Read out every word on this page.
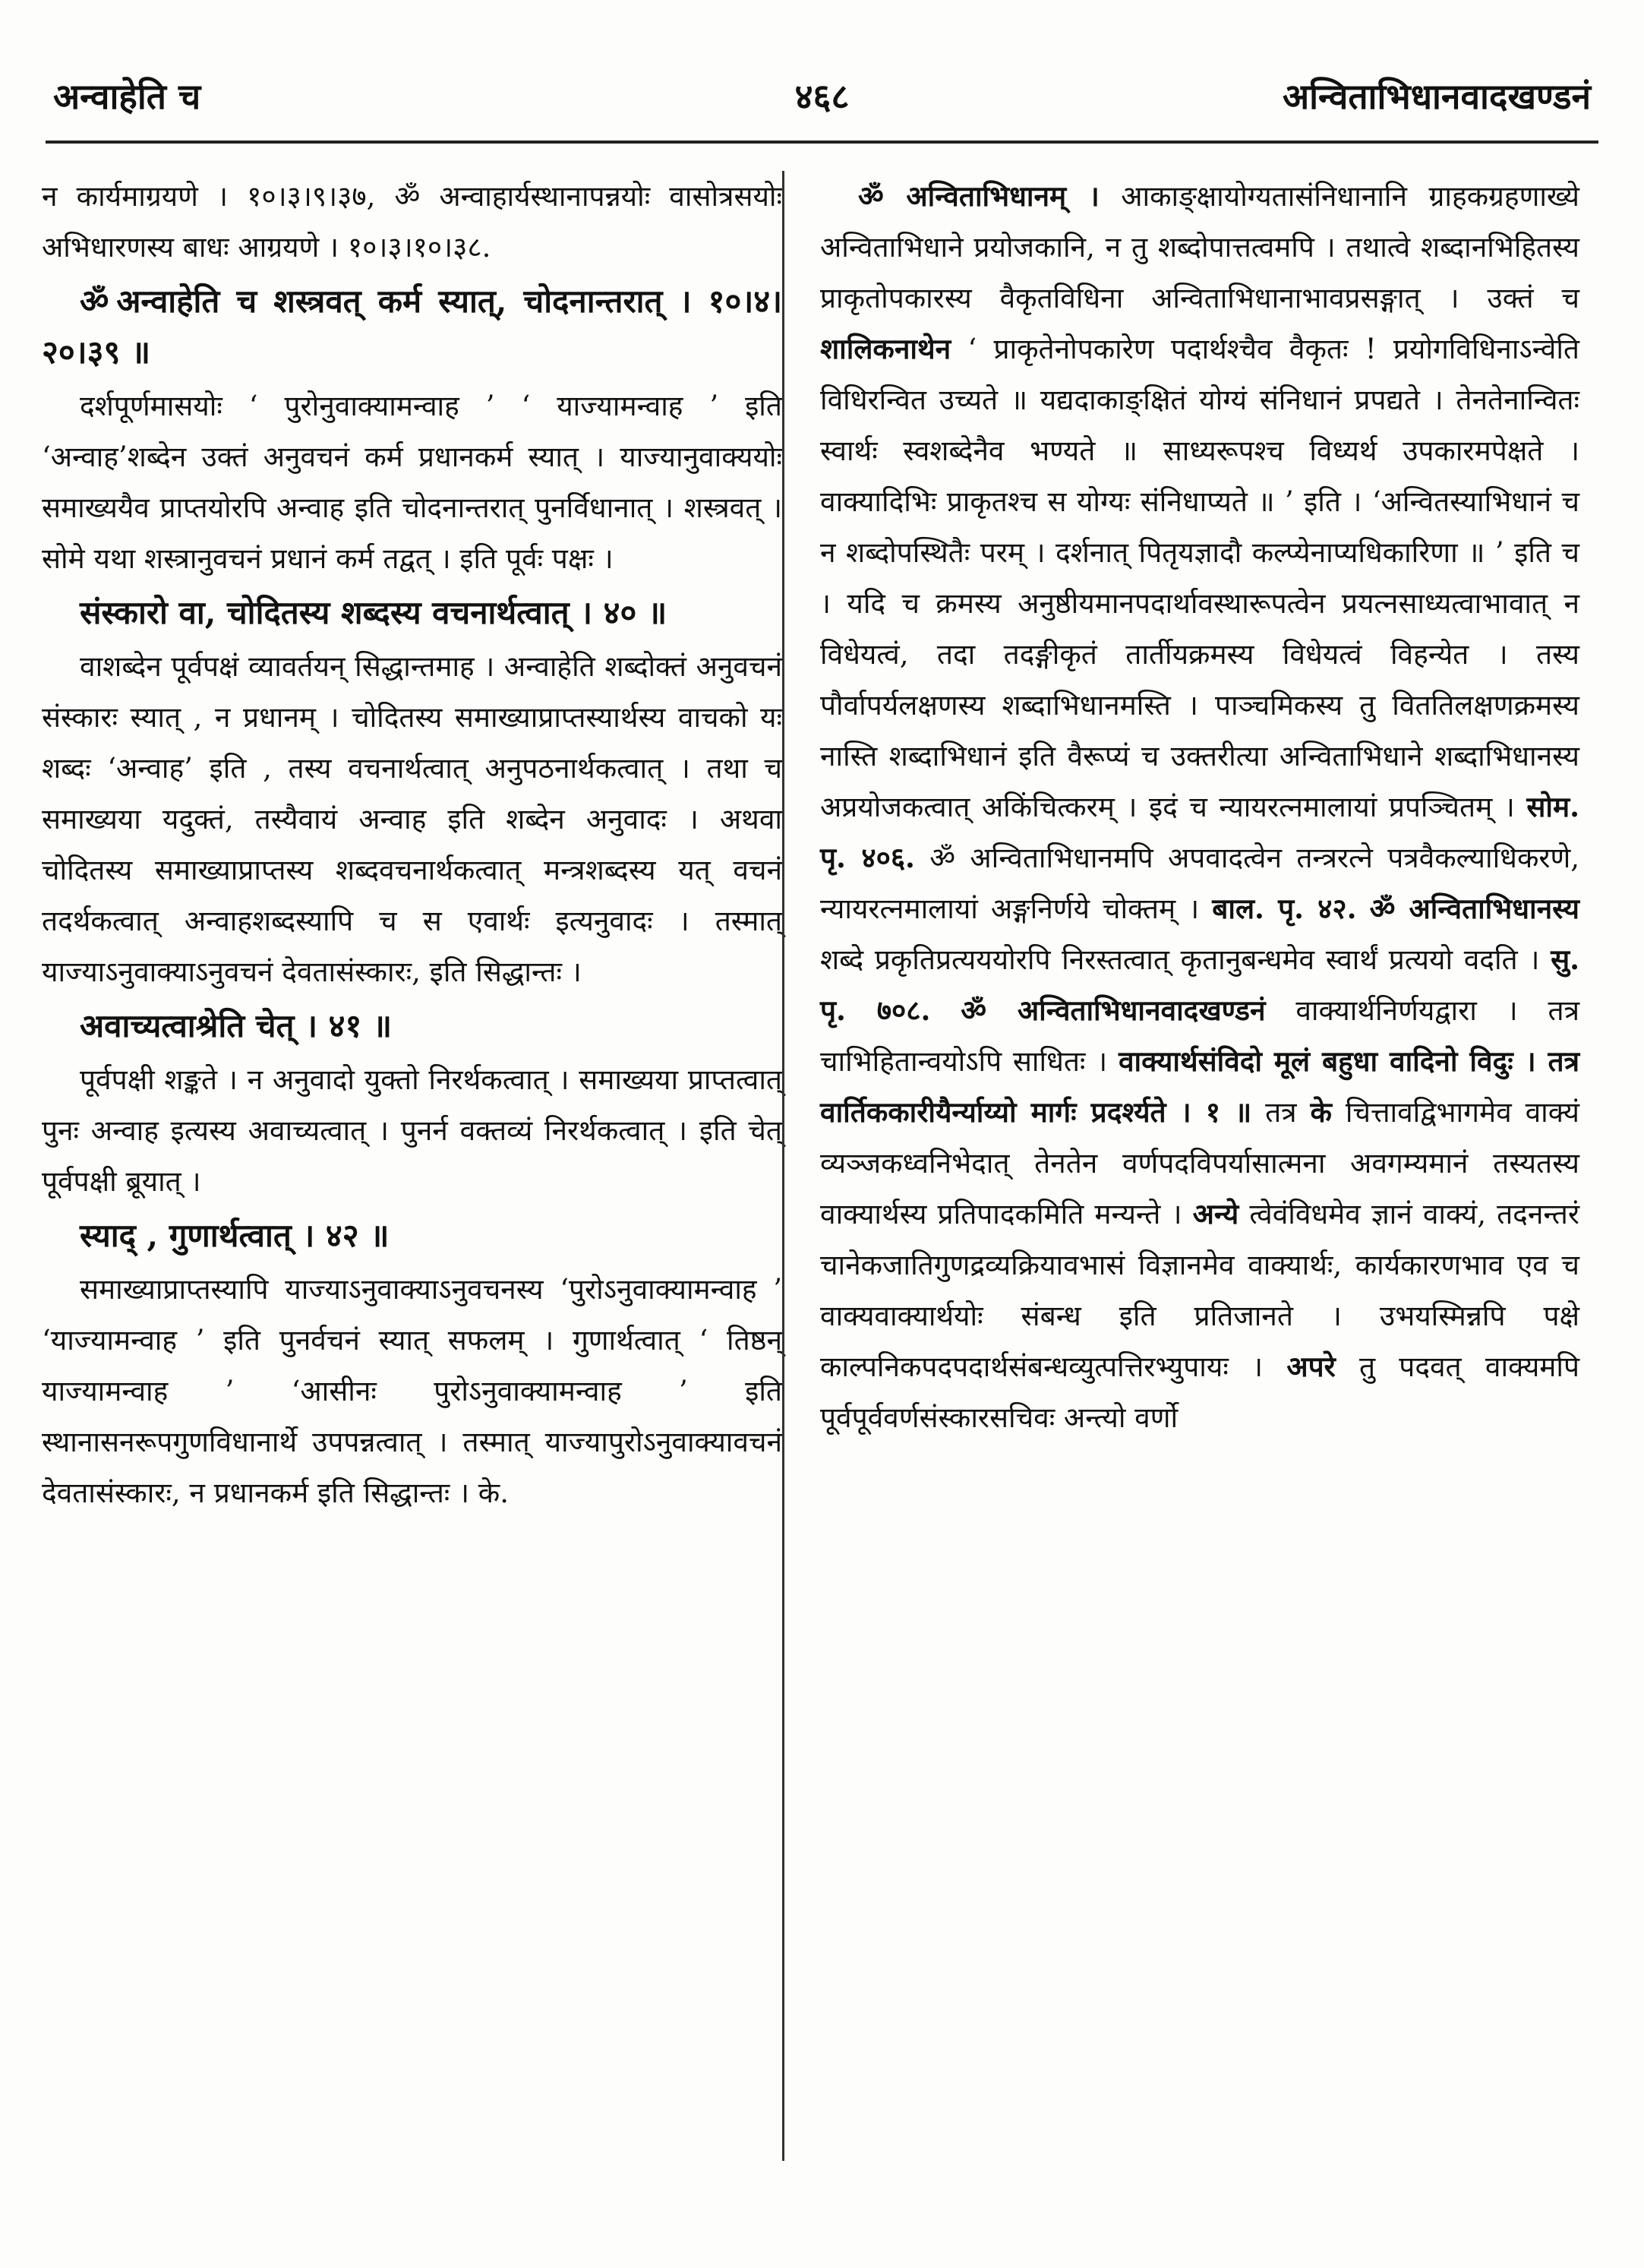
अन्वाहेति च	४६८	अन्विताभिधानवादखण्डनं

न कार्यमाग्रयणे । १०।३।९।३७, ॐ अन्वाहार्यस्थानापन्नयोः वासोत्रसयोः अभिधारणस्य बाधः आग्रयणे । १०।३।१०।३८.

ॐ अन्वाहेति च शस्त्रवत् कर्म स्यात्, चोदनान्तरात् । १०।४।२०।३९ ॥

दर्शपूर्णमासयोः ‘ पुरोनुवाक्यामन्वाह ’ ‘ याज्यामन्वाह ’ इति ‘अन्वाह’शब्देन उक्तं अनुवचनं कर्म प्रधानकर्म स्यात् । याज्यानुवाक्ययोः समाख्ययैव प्राप्तयोरपि अन्वाह इति चोदनान्तरात् पुनर्विधानात् । शस्त्रवत् । सोमे यथा शस्त्रानुवचनं प्रधानं कर्म तद्वत् । इति पूर्वः पक्षः ।

संस्कारो वा, चोदितस्य शब्दस्य वचनार्थत्वात् । ४० ॥

वाशब्देन पूर्वपक्षं व्यावर्तयन् सिद्धान्तमाह । अन्वाहेति शब्दोक्तं अनुवचनं संस्कारः स्यात् , न प्रधानम् । चोदितस्य समाख्याप्राप्तस्यार्थस्य वाचको यः शब्दः ‘अन्वाह’ इति , तस्य वचनार्थत्वात् अनुपठनार्थकत्वात् । तथा च समाख्यया यदुक्तं, तस्यैवायं अन्वाह इति शब्देन अनुवादः । अथवा चोदितस्य समाख्याप्राप्तस्य शब्दवचनार्थकत्वात् मन्त्रशब्दस्य यत् वचनं तदर्थकत्वात् अन्वाहशब्दस्यापि च स एवार्थः इत्यनुवादः । तस्मात् याज्याऽनुवाक्याऽनुवचनं देवतासंस्कारः, इति सिद्धान्तः ।

अवाच्यत्वाश्रेति चेत् । ४१ ॥

पूर्वपक्षी शङ्कते । न अनुवादो युक्तो निरर्थकत्वात् । समाख्यया प्राप्तत्वात् पुनः अन्वाह इत्यस्य अवाच्यत्वात् । पुनर्न वक्तव्यं निरर्थकत्वात् । इति चेत् पूर्वपक्षी ब्रूयात् ।

स्याद् , गुणार्थत्वात् । ४२ ॥

समाख्याप्राप्तस्यापि याज्याऽनुवाक्याऽनुवचनस्य ‘पुरोऽनुवाक्यामन्वाह ’ ‘याज्यामन्वाह ’ इति पुनर्वचनं स्यात् सफलम् । गुणार्थत्वात् ‘ तिष्ठन् याज्यामन्वाह ’ ‘आसीनः पुरोऽनुवाक्यामन्वाह ’ इति स्थानासनरूपगुणविधानार्थे उपपन्नत्वात् । तस्मात् याज्यापुरोऽनुवाक्यावचनं देवतासंस्कारः, न प्रधानकर्म इति सिद्धान्तः । के.

ॐ अन्विताभिधानम् । आकाङ्क्षायोग्यतासंनिधानानि ग्राहकग्रहणाख्ये अन्विताभिधाने प्रयोजकानि, न तु शब्दोपात्तत्वमपि । तथात्वे शब्दानभिहितस्य प्राकृतोपकारस्य वैकृतविधिना अन्विताभिधानाभावप्रसङ्गात् । उक्तं च शालिकनाथेन ‘ प्राकृतेनोपकारेण पदार्थश्चैव वैकृतः ! प्रयोगविधिनाऽन्वेति विधिरन्वित उच्यते ॥ यद्यदाकाङ्क्षितं योग्यं संनिधानं प्रपद्यते । तेनतेनान्वितः स्वार्थः स्वशब्देनैव भण्यते ॥ साध्यरूपश्च विध्यर्थ उपकारमपेक्षते । वाक्यादिभिः प्राकृतश्च स योग्यः संनिधाप्यते ॥ ’ इति । ‘अन्वितस्याभिधानं च न शब्दोपस्थितैः परम् । दर्शनात् पितृयज्ञादौ कल्प्येनाप्यधिकारिणा ॥ ’ इति च । यदि च क्रमस्य अनुष्ठीयमानपदार्थावस्थारूपत्वेन प्रयत्नसाध्यत्वाभावात् न विधेयत्वं, तदा तदङ्गीकृतं तार्तीयक्रमस्य विधेयत्वं विहन्येत । तस्य पौर्वापर्यलक्षणस्य शब्दाभिधानमस्ति । पाञ्चमिकस्य तु विततिलक्षणक्रमस्य नास्ति शब्दाभिधानं इति वैरूप्यं च उक्तरीत्या अन्विताभिधाने शब्दाभिधानस्य अप्रयोजकत्वात् अकिंचित्करम् । इदं च न्यायरत्नमालायां प्रपञ्चितम् । सोम. पृ. ४०६. ॐ अन्विताभिधानमपि अपवादत्वेन तन्त्ररत्ने पत्रवैकल्याधिकरणे, न्यायरत्नमालायां अङ्गनिर्णये चोक्तम् । बाल. पृ. ४२. ॐ अन्विताभिधानस्य शब्दे प्रकृतिप्रत्यययोरपि निरस्तत्वात् कृतानुबन्धमेव स्वार्थं प्रत्ययो वदति । सु. पृ. ७०८. ॐ अन्विताभिधानवादखण्डनं वाक्यार्थनिर्णयद्वारा । तत्र चाभिहितान्वयोऽपि साधितः । वाक्यार्थसंविदो मूलं बहुधा वादिनो विदुः । तत्र वार्तिककारीयैर्न्याय्यो मार्गः प्रदर्श्यते । १ ॥ तत्र के चित्तावद्विभागमेव वाक्यं व्यञ्जकध्वनिभेदात् तेनतेन वर्णपदविपर्यासात्मना अवगम्यमानं तस्यतस्य वाक्यार्थस्य प्रतिपादकमिति मन्यन्ते । अन्ये त्वेवंविधमेव ज्ञानं वाक्यं, तदनन्तरं चानेकजातिगुणद्रव्यक्रियावभासं विज्ञानमेव वाक्यार्थः, कार्यकारणभाव एव च वाक्यवाक्यार्थयोः संबन्ध इति प्रतिजानते । उभयस्मिन्नपि पक्षे काल्पनिकपदपदार्थसंबन्धव्युत्पत्तिरभ्युपायः । अपरे तु पदवत् वाक्यमपि पूर्वपूर्ववर्णसंस्कारसचिवः अन्त्यो वर्णो
